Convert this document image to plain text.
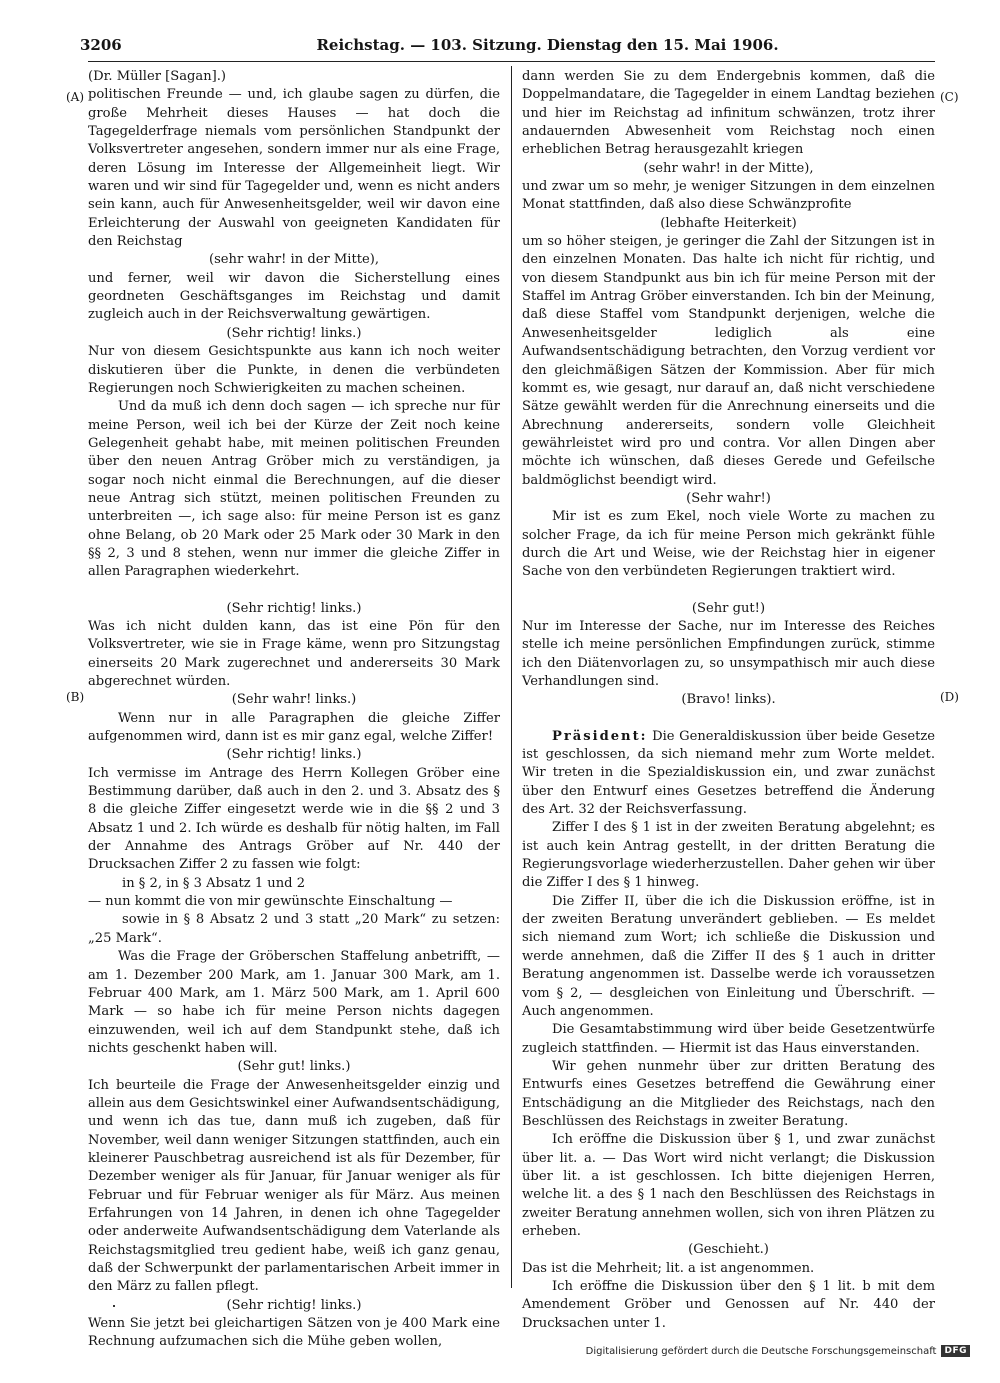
3206	Reichstag. — 103. Sitzung. Dienstag den 15. Mai 1906.
(A)
(B)
(C)
(D)

(Dr. Müller [Sagan].)

politischen Freunde — und, ich glaube sagen zu dürfen, die große Mehrheit dieses Hauses — hat doch die Tagegelderfrage niemals vom persönlichen Standpunkt der Volksvertreter angesehen, sondern immer nur als eine Frage, deren Lösung im Interesse der Allgemeinheit liegt. Wir waren und wir sind für Tagegelder und, wenn es nicht anders sein kann, auch für Anwesenheitsgelder, weil wir davon eine Erleichterung der Auswahl von geeigneten Kandidaten für den Reichstag

(sehr wahr! in der Mitte),

und ferner, weil wir davon die Sicherstellung eines geordneten Geschäftsganges im Reichstag und damit zugleich auch in der Reichsverwaltung gewärtigen.

(Sehr richtig! links.)

Nur von diesem Gesichtspunkte aus kann ich noch weiter diskutieren über die Punkte, in denen die verbündeten Regierungen noch Schwierigkeiten zu machen scheinen.

Und da muß ich denn doch sagen — ich spreche nur für meine Person, weil ich bei der Kürze der Zeit noch keine Gelegenheit gehabt habe, mit meinen politischen Freunden über den neuen Antrag Gröber mich zu verständigen, ja sogar noch nicht einmal die Berechnungen, auf die dieser neue Antrag sich stützt, meinen politischen Freunden zu unterbreiten —, ich sage also: für meine Person ist es ganz ohne Belang, ob 20 Mark oder 25 Mark oder 30 Mark in den §§ 2, 3 und 8 stehen, wenn nur immer die gleiche Ziffer in allen Paragraphen wiederkehrt.

(Sehr richtig! links.)

Was ich nicht dulden kann, das ist eine Pön für den Volksvertreter, wie sie in Frage käme, wenn pro Sitzungstag einerseits 20 Mark zugerechnet und andererseits 30 Mark abgerechnet würden.

(Sehr wahr! links.)

Wenn nur in alle Paragraphen die gleiche Ziffer aufgenommen wird, dann ist es mir ganz egal, welche Ziffer!

(Sehr richtig! links.)

Ich vermisse im Antrage des Herrn Kollegen Gröber eine Bestimmung darüber, daß auch in den 2. und 3. Absatz des § 8 die gleiche Ziffer eingesetzt werde wie in die §§ 2 und 3 Absatz 1 und 2. Ich würde es deshalb für nötig halten, im Fall der Annahme des Antrags Gröber auf Nr. 440 der Drucksachen Ziffer 2 zu fassen wie folgt:

in § 2, in § 3 Absatz 1 und 2

— nun kommt die von mir gewünschte Einschaltung —

sowie in § 8 Absatz 2 und 3 statt „20 Mark“ zu setzen: „25 Mark“.

Was die Frage der Gröberschen Staffelung anbetrifft, — am 1. Dezember 200 Mark, am 1. Januar 300 Mark, am 1. Februar 400 Mark, am 1. März 500 Mark, am 1. April 600 Mark — so habe ich für meine Person nichts dagegen einzuwenden, weil ich auf dem Standpunkt stehe, daß ich nichts geschenkt haben will.

(Sehr gut! links.)

Ich beurteile die Frage der Anwesenheitsgelder einzig und allein aus dem Gesichtswinkel einer Aufwandsentschädigung, und wenn ich das tue, dann muß ich zugeben, daß für November, weil dann weniger Sitzungen stattfinden, auch ein kleinerer Pauschbetrag ausreichend ist als für Dezember, für Dezember weniger als für Januar, für Januar weniger als für Februar und für Februar weniger als für März. Aus meinen Erfahrungen von 14 Jahren, in denen ich ohne Tagegelder oder anderweite Aufwandsentschädigung dem Vaterlande als Reichstagsmitglied treu gedient habe, weiß ich ganz genau, daß der Schwerpunkt der parlamentarischen Arbeit immer in den März zu fallen pflegt.

(Sehr richtig! links.)

Wenn Sie jetzt bei gleichartigen Sätzen von je 400 Mark eine Rechnung aufzumachen sich die Mühe geben wollen,

dann werden Sie zu dem Endergebnis kommen, daß die Doppelmandatare, die Tagegelder in einem Landtag beziehen und hier im Reichstag ad infinitum schwänzen, trotz ihrer andauernden Abwesenheit vom Reichstag noch einen erheblichen Betrag herausgezahlt kriegen

(sehr wahr! in der Mitte),

und zwar um so mehr, je weniger Sitzungen in dem einzelnen Monat stattfinden, daß also diese Schwänzprofite

(lebhafte Heiterkeit)

um so höher steigen, je geringer die Zahl der Sitzungen ist in den einzelnen Monaten. Das halte ich nicht für richtig, und von diesem Standpunkt aus bin ich für meine Person mit der Staffel im Antrag Gröber einverstanden. Ich bin der Meinung, daß diese Staffel vom Standpunkt derjenigen, welche die Anwesenheitsgelder lediglich als eine Aufwandsentschädigung betrachten, den Vorzug verdient vor den gleichmäßigen Sätzen der Kommission. Aber für mich kommt es, wie gesagt, nur darauf an, daß nicht verschiedene Sätze gewählt werden für die Anrechnung einerseits und die Abrechnung andererseits, sondern volle Gleichheit gewährleistet wird pro und contra. Vor allen Dingen aber möchte ich wünschen, daß dieses Gerede und Gefeilsche baldmöglichst beendigt wird.

(Sehr wahr!)

Mir ist es zum Ekel, noch viele Worte zu machen zu solcher Frage, da ich für meine Person mich gekränkt fühle durch die Art und Weise, wie der Reichstag hier in eigener Sache von den verbündeten Regierungen traktiert wird.

(Sehr gut!)

Nur im Interesse der Sache, nur im Interesse des Reiches stelle ich meine persönlichen Empfindungen zurück, stimme ich den Diätenvorlagen zu, so unsympathisch mir auch diese Verhandlungen sind.

(Bravo! links).

Präsident: Die Generaldiskussion über beide Gesetze ist geschlossen, da sich niemand mehr zum Worte meldet. Wir treten in die Spezialdiskussion ein, und zwar zunächst über den Entwurf eines Gesetzes betreffend die Änderung des Art. 32 der Reichsverfassung.

Ziffer I des § 1 ist in der zweiten Beratung abgelehnt; es ist auch kein Antrag gestellt, in der dritten Beratung die Regierungsvorlage wiederherzustellen. Daher gehen wir über die Ziffer I des § 1 hinweg.

Die Ziffer II, über die ich die Diskussion eröffne, ist in der zweiten Beratung unverändert geblieben. — Es meldet sich niemand zum Wort; ich schließe die Diskussion und werde annehmen, daß die Ziffer II des § 1 auch in dritter Beratung angenommen ist. Dasselbe werde ich voraussetzen vom § 2, — desgleichen von Einleitung und Überschrift. — Auch angenommen.

Die Gesamtabstimmung wird über beide Gesetzentwürfe zugleich stattfinden. — Hiermit ist das Haus einverstanden.

Wir gehen nunmehr über zur dritten Beratung des Entwurfs eines Gesetzes betreffend die Gewährung einer Entschädigung an die Mitglieder des Reichstags, nach den Beschlüssen des Reichstags in zweiter Beratung.

Ich eröffne die Diskussion über § 1, und zwar zunächst über lit. a. — Das Wort wird nicht verlangt; die Diskussion über lit. a ist geschlossen. Ich bitte diejenigen Herren, welche lit. a des § 1 nach den Beschlüssen des Reichstags in zweiter Beratung annehmen wollen, sich von ihren Plätzen zu erheben.

(Geschieht.)

Das ist die Mehrheit; lit. a ist angenommen.

Ich eröffne die Diskussion über den § 1 lit. b mit dem Amendement Gröber und Genossen auf Nr. 440 der Drucksachen unter 1.

Digitalisierung gefördert durch die Deutsche Forschungsgemeinschaft DFG
